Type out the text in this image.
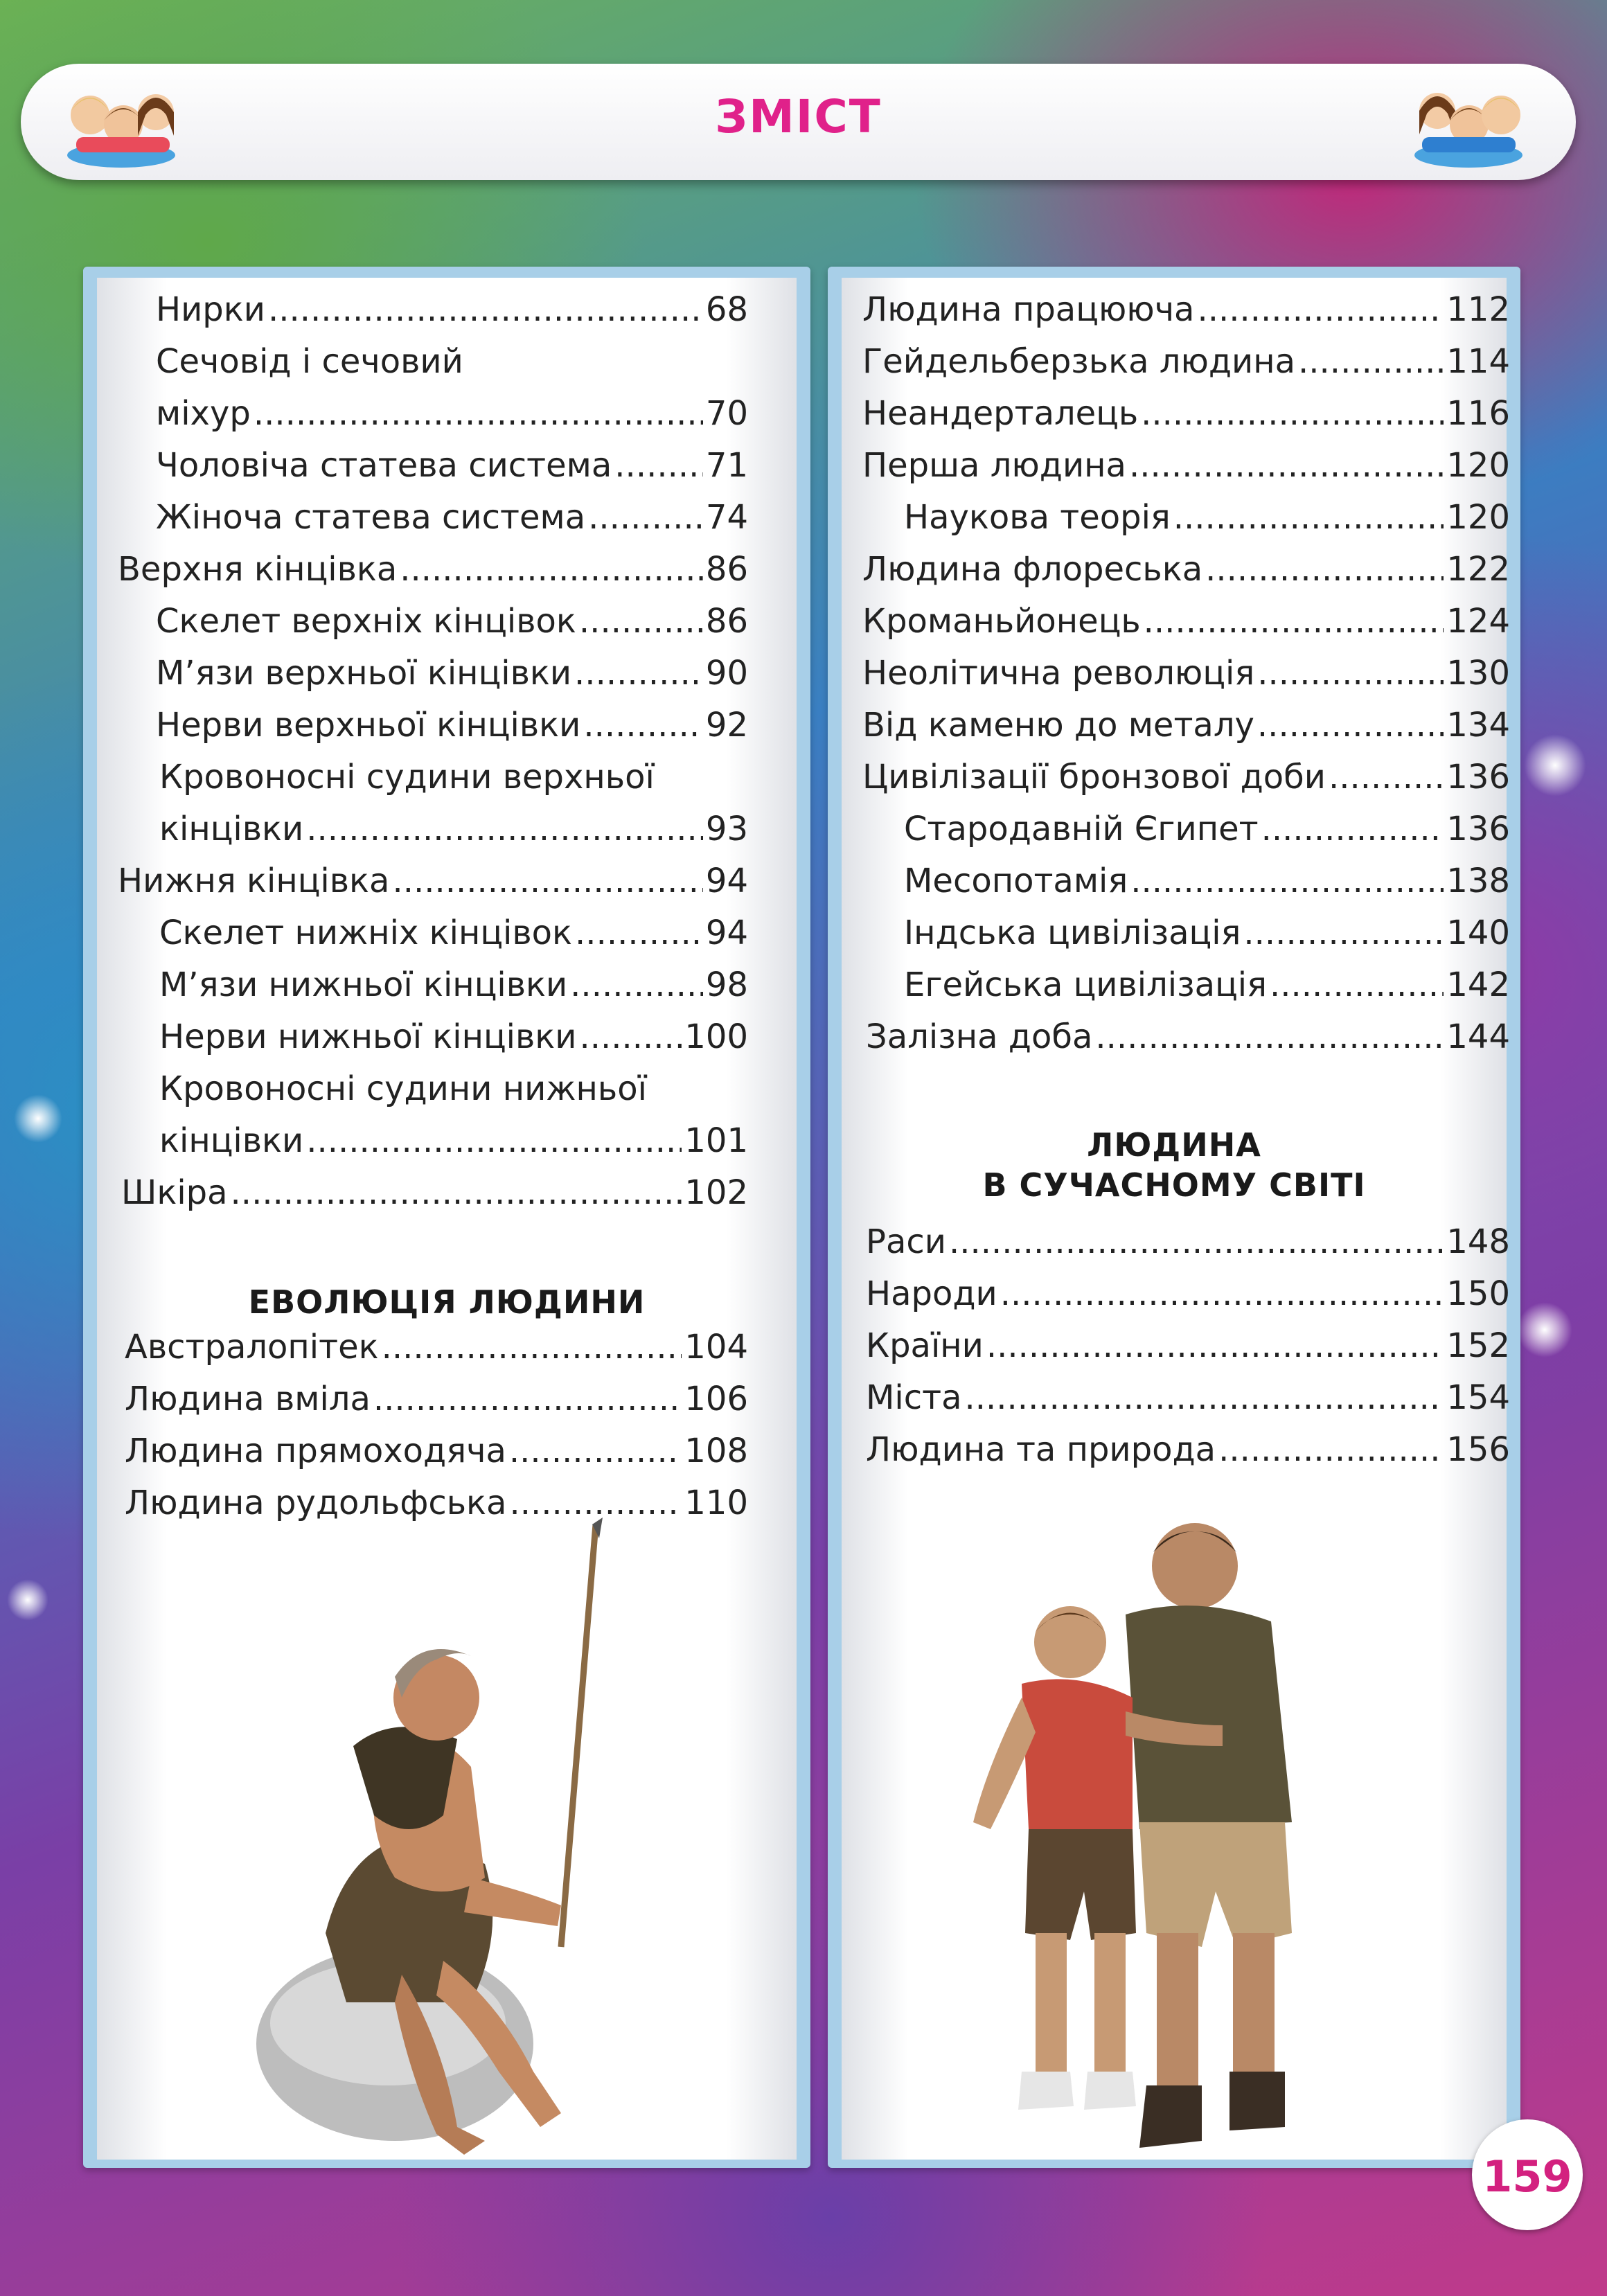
ЗМІСТ
Нирки .....	68
Сечовід і сечовий
міхур .....	70
Чоловіча статева система .....	71
Жіноча статева система .....	74
Верхня кінцівка .....	86
Скелет верхніх кінцівок .....	86
М’язи верхньої кінцівки .....	90
Нерви верхньої кінцівки .....	92
Кровоносні судини верхньої
кінцівки .....	93
Нижня кінцівка .....	94
Скелет нижніх кінцівок .....	94
М’язи нижньої кінцівки .....	98
Нерви нижньої кінцівки .....	100
Кровоносні судини нижньої
кінцівки .....	101
Шкіра .....	102
ЕВОЛЮЦІЯ ЛЮДИНИ
Австралопітек .....	104
Людина вміла .....	106
Людина прямоходяча .....	108
Людина рудольфська .....	110
Людина працююча .....	112
Гейдельберзька людина .....	114
Неандерталець .....	116
Перша людина .....	120
Наукова теорія .....	120
Людина флореська .....	122
Кроманьйонець .....	124
Неолітична революція .....	130
Від каменю до металу .....	134
Цивілізації бронзової доби .....	136
Стародавній Єгипет .....	136
Месопотамія .....	138
Індська цивілізація .....	140
Егейська цивілізація .....	142
Залізна доба .....	144
ЛЮДИНА
В СУЧАСНОМУ СВІТІ
Раси .....	148
Народи .....	150
Країни .....	152
Міста .....	154
Людина та природа .....	156
159
